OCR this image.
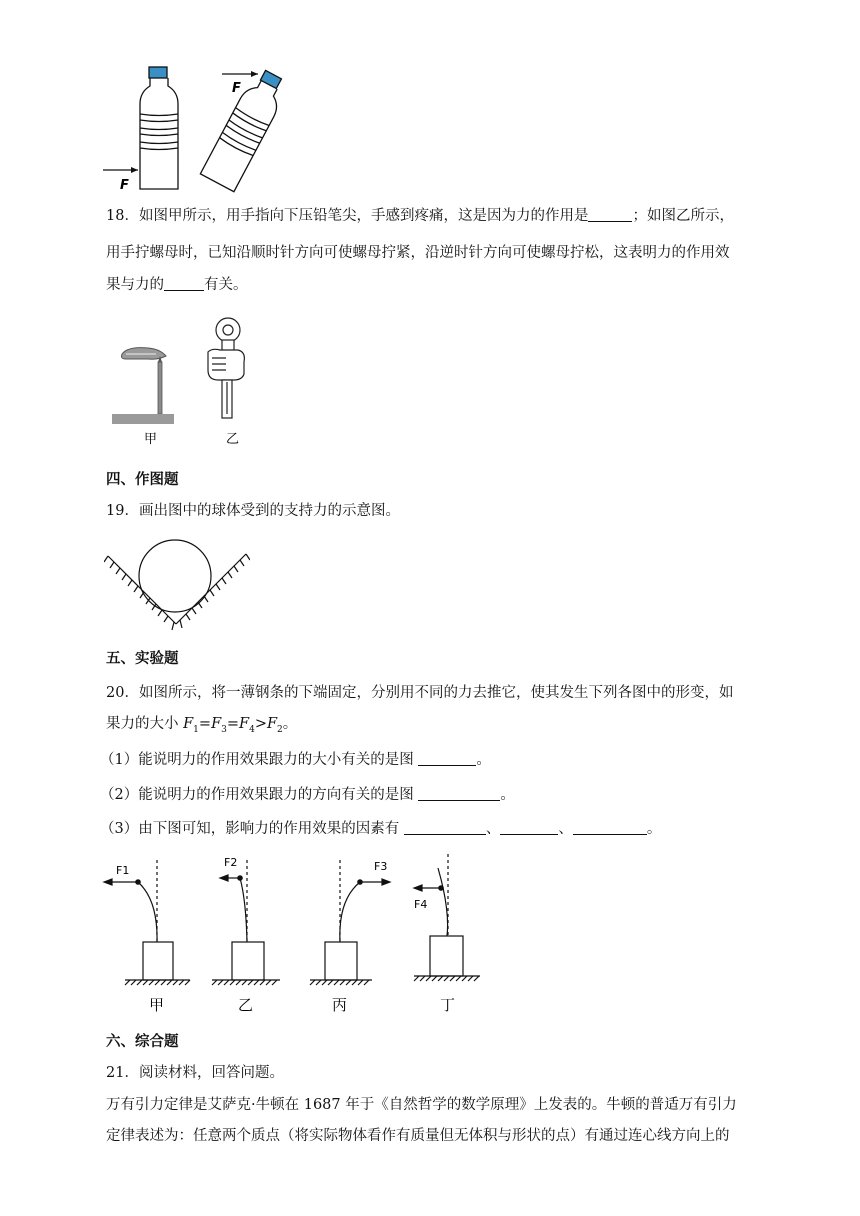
F
F
18．如图甲所示，用手指向下压铅笔尖，手感到疼痛，这是因为力的作用是	；如图乙所示，
用手拧螺母时，已知沿顺时针方向可使螺母拧紧，沿逆时针方向可使螺母拧松，这表明力的作用效
果与力的	有关。
甲	乙
四、作图题
19．画出图中的球体受到的支持力的示意图。
五、实验题
20．如图所示，将一薄钢条的下端固定，分别用不同的力去推它，使其发生下列各图中的形变，如
果力的大小 $F_1=F_3=F_4>F_2$。
（1）能说明力的作用效果跟力的大小有关的是图	。
（2）能说明力的作用效果跟力的方向有关的是图	。
（3）由下图可知，影响力的作用效果的因素有	、	、	。
F1
F2	F3
F4
甲	乙	丙	丁
六、综合题
21．阅读材料，回答问题。
万有引力定律是艾萨克·牛顿在 1687 年于《自然哲学的数学原理》上发表的。牛顿的普适万有引力
定律表述为：任意两个质点（将实际物体看作有质量但无体积与形状的点）有通过连心线方向上的
